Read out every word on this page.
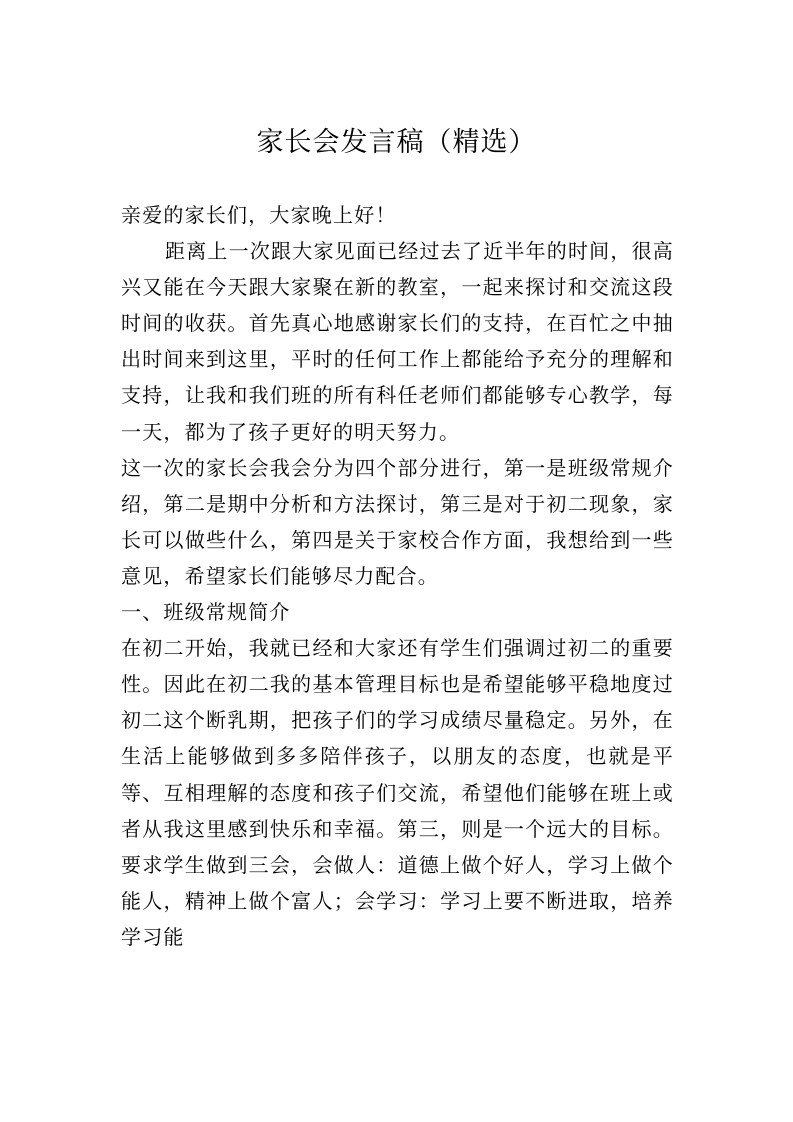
家长会发言稿（精选）

亲爱的家长们，大家晚上好！

距离上一次跟大家见面已经过去了近半年的时间，很高兴又能在今天跟大家聚在新的教室，一起来探讨和交流这段时间的收获。首先真心地感谢家长们的支持，在百忙之中抽出时间来到这里，平时的任何工作上都能给予充分的理解和支持，让我和我们班的所有科任老师们都能够专心教学，每一天，都为了孩子更好的明天努力。

这一次的家长会我会分为四个部分进行，第一是班级常规介绍，第二是期中分析和方法探讨，第三是对于初二现象，家长可以做些什么，第四是关于家校合作方面，我想给到一些意见，希望家长们能够尽力配合。

一、班级常规简介

在初二开始，我就已经和大家还有学生们强调过初二的重要性。因此在初二我的基本管理目标也是希望能够平稳地度过初二这个断乳期，把孩子们的学习成绩尽量稳定。另外，在生活上能够做到多多陪伴孩子，以朋友的态度，也就是平等、互相理解的态度和孩子们交流，希望他们能够在班上或者从我这里感到快乐和幸福。第三，则是一个远大的目标。要求学生做到三会，会做人：道德上做个好人，学习上做个能人，精神上做个富人；会学习：学习上要不断进取，培养学习能
